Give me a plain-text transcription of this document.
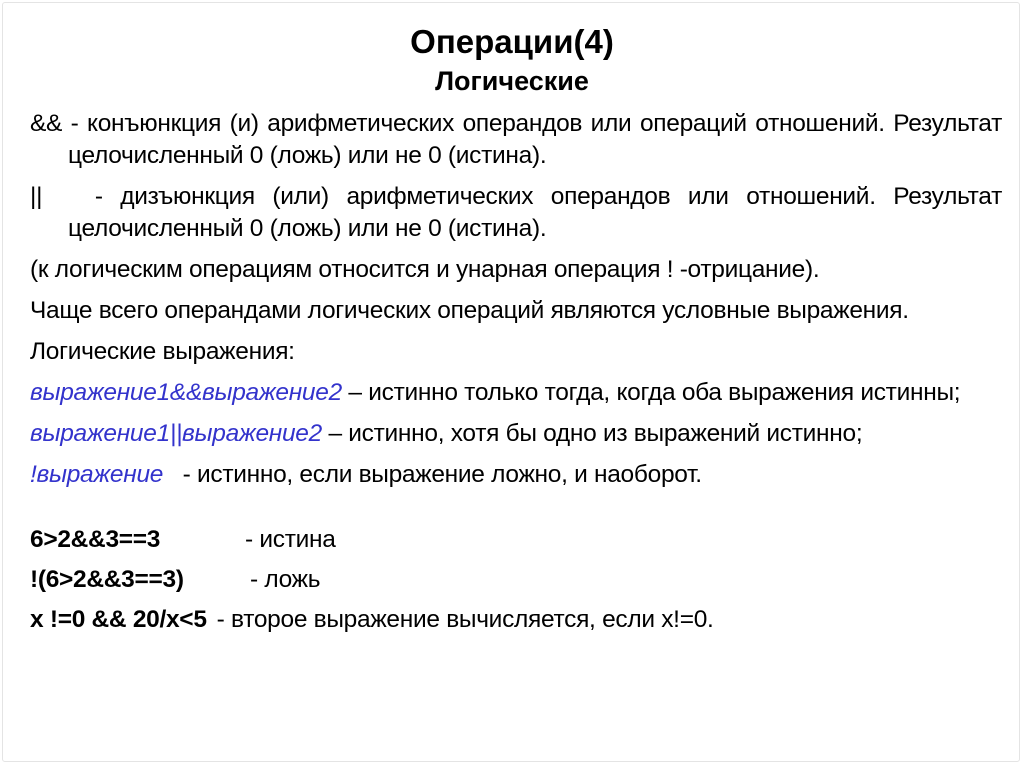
Операции(4)
Логические

&& - конъюнкция (и) арифметических операндов или операций отношений. Результат целочисленный 0 (ложь) или не 0 (истина).

||   - дизъюнкция (или) арифметических операндов или отношений. Результат целочисленный 0 (ложь) или не 0 (истина).

(к логическим операциям относится и унарная операция ! -отрицание).

Чаще всего операндами логических операций являются условные выражения.

Логические выражения:

выражение1&&выражение2 – истинно только тогда, когда оба выражения истинны;

выражение1||выражение2 – истинно, хотя бы одно из выражений истинно;

!выражение   - истинно, если выражение ложно, и наоборот.

6>2&&3==3	- истина

!(6>2&&3==3)	- ложь

x !=0 && 20/x<5 - второе выражение вычисляется, если x!=0.
